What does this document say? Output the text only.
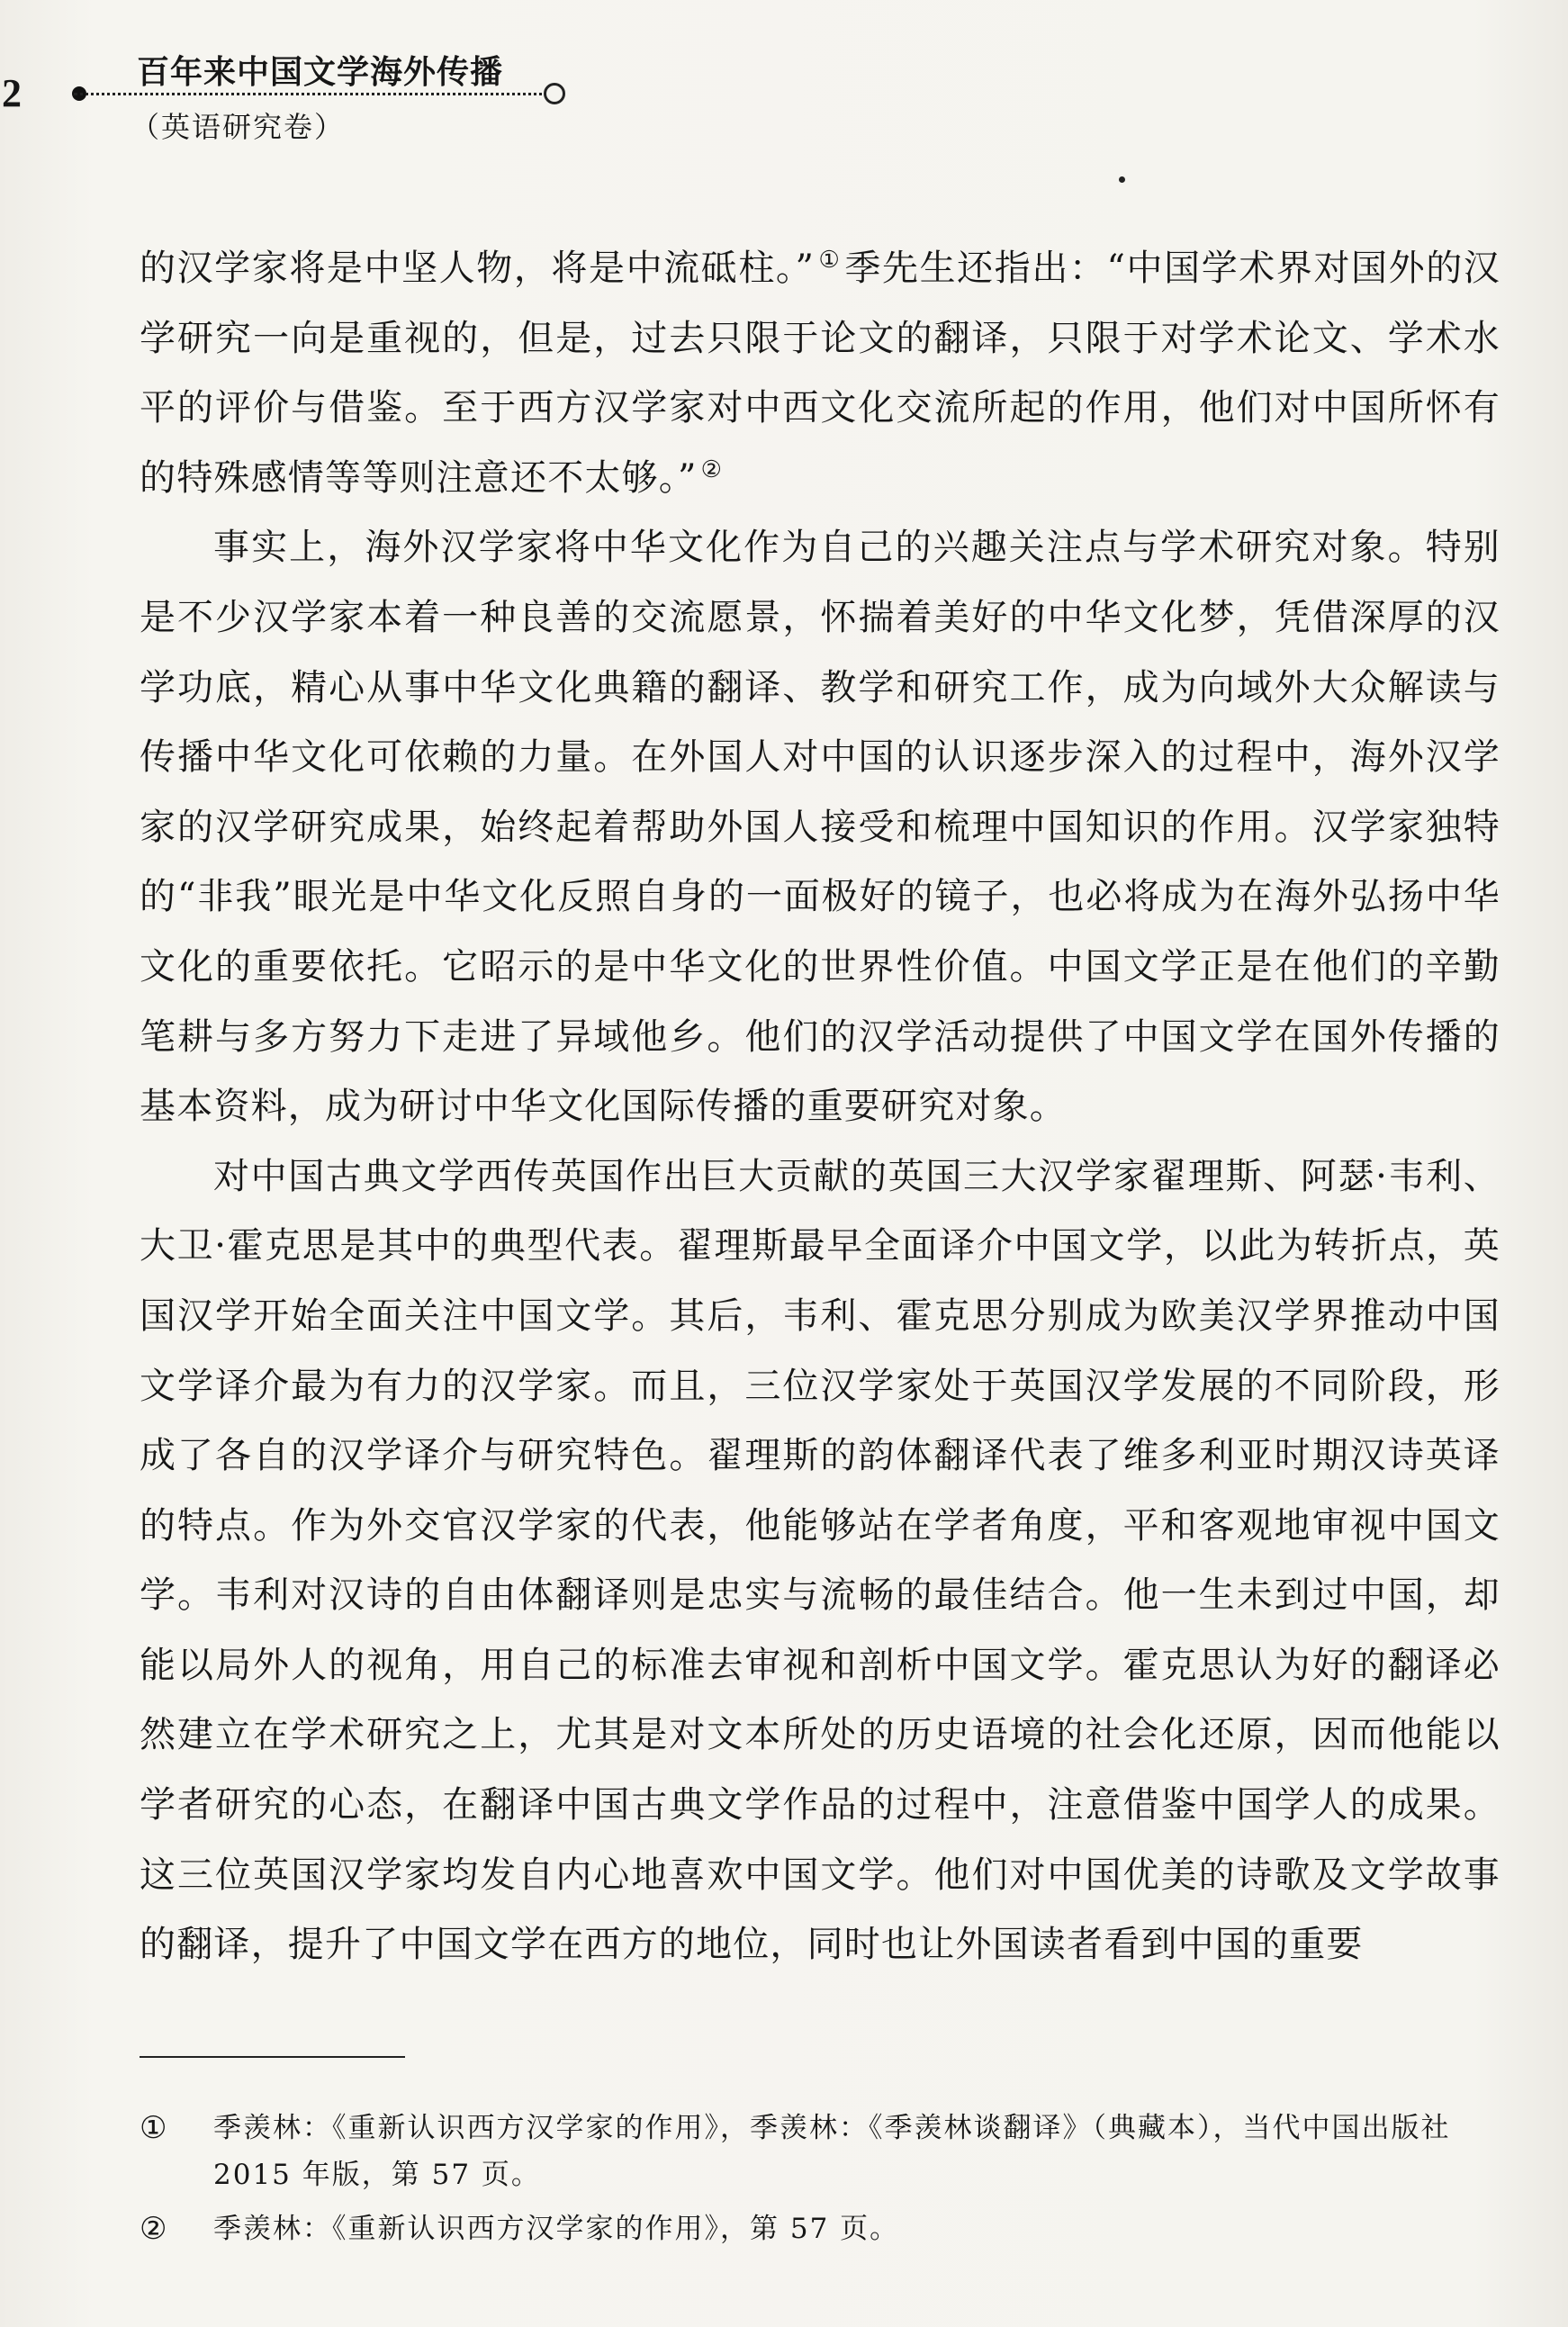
2	百年来中国文学海外传播
（英语研究卷）

的汉学家将是中坚人物，将是中流砥柱。” ① 季先生还指出：“中国学术界对国外的汉学研究一向是重视的，但是，过去只限于论文的翻译，只限于对学术论文、学术水平的评价与借鉴。至于西方汉学家对中西文化交流所起的作用，他们对中国所怀有的特殊感情等等则注意还不太够。” ②

事实上，海外汉学家将中华文化作为自己的兴趣关注点与学术研究对象。特别是不少汉学家本着一种良善的交流愿景，怀揣着美好的中华文化梦，凭借深厚的汉学功底，精心从事中华文化典籍的翻译、教学和研究工作，成为向域外大众解读与传播中华文化可依赖的力量。在外国人对中国的认识逐步深入的过程中，海外汉学家的汉学研究成果，始终起着帮助外国人接受和梳理中国知识的作用。汉学家独特的“非我”眼光是中华文化反照自身的一面极好的镜子，也必将成为在海外弘扬中华文化的重要依托。它昭示的是中华文化的世界性价值。中国文学正是在他们的辛勤笔耕与多方努力下走进了异域他乡。他们的汉学活动提供了中国文学在国外传播的基本资料，成为研讨中华文化国际传播的重要研究对象。

对中国古典文学西传英国作出巨大贡献的英国三大汉学家翟理斯、阿瑟·韦利、大卫·霍克思是其中的典型代表。翟理斯最早全面译介中国文学，以此为转折点，英国汉学开始全面关注中国文学。其后，韦利、霍克思分别成为欧美汉学界推动中国文学译介最为有力的汉学家。而且，三位汉学家处于英国汉学发展的不同阶段，形成了各自的汉学译介与研究特色。翟理斯的韵体翻译代表了维多利亚时期汉诗英译的特点。作为外交官汉学家的代表，他能够站在学者角度，平和客观地审视中国文学。韦利对汉诗的自由体翻译则是忠实与流畅的最佳结合。他一生未到过中国，却能以局外人的视角，用自己的标准去审视和剖析中国文学。霍克思认为好的翻译必然建立在学术研究之上，尤其是对文本所处的历史语境的社会化还原，因而他能以学者研究的心态，在翻译中国古典文学作品的过程中，注意借鉴中国学人的成果。这三位英国汉学家均发自内心地喜欢中国文学。他们对中国优美的诗歌及文学故事的翻译，提升了中国文学在西方的地位，同时也让外国读者看到中国的重要

① 季羡林：《重新认识西方汉学家的作用》，季羡林：《季羡林谈翻译》（典藏本），当代中国出版社 2015 年版，第 57 页。
② 季羡林：《重新认识西方汉学家的作用》，第 57 页。
